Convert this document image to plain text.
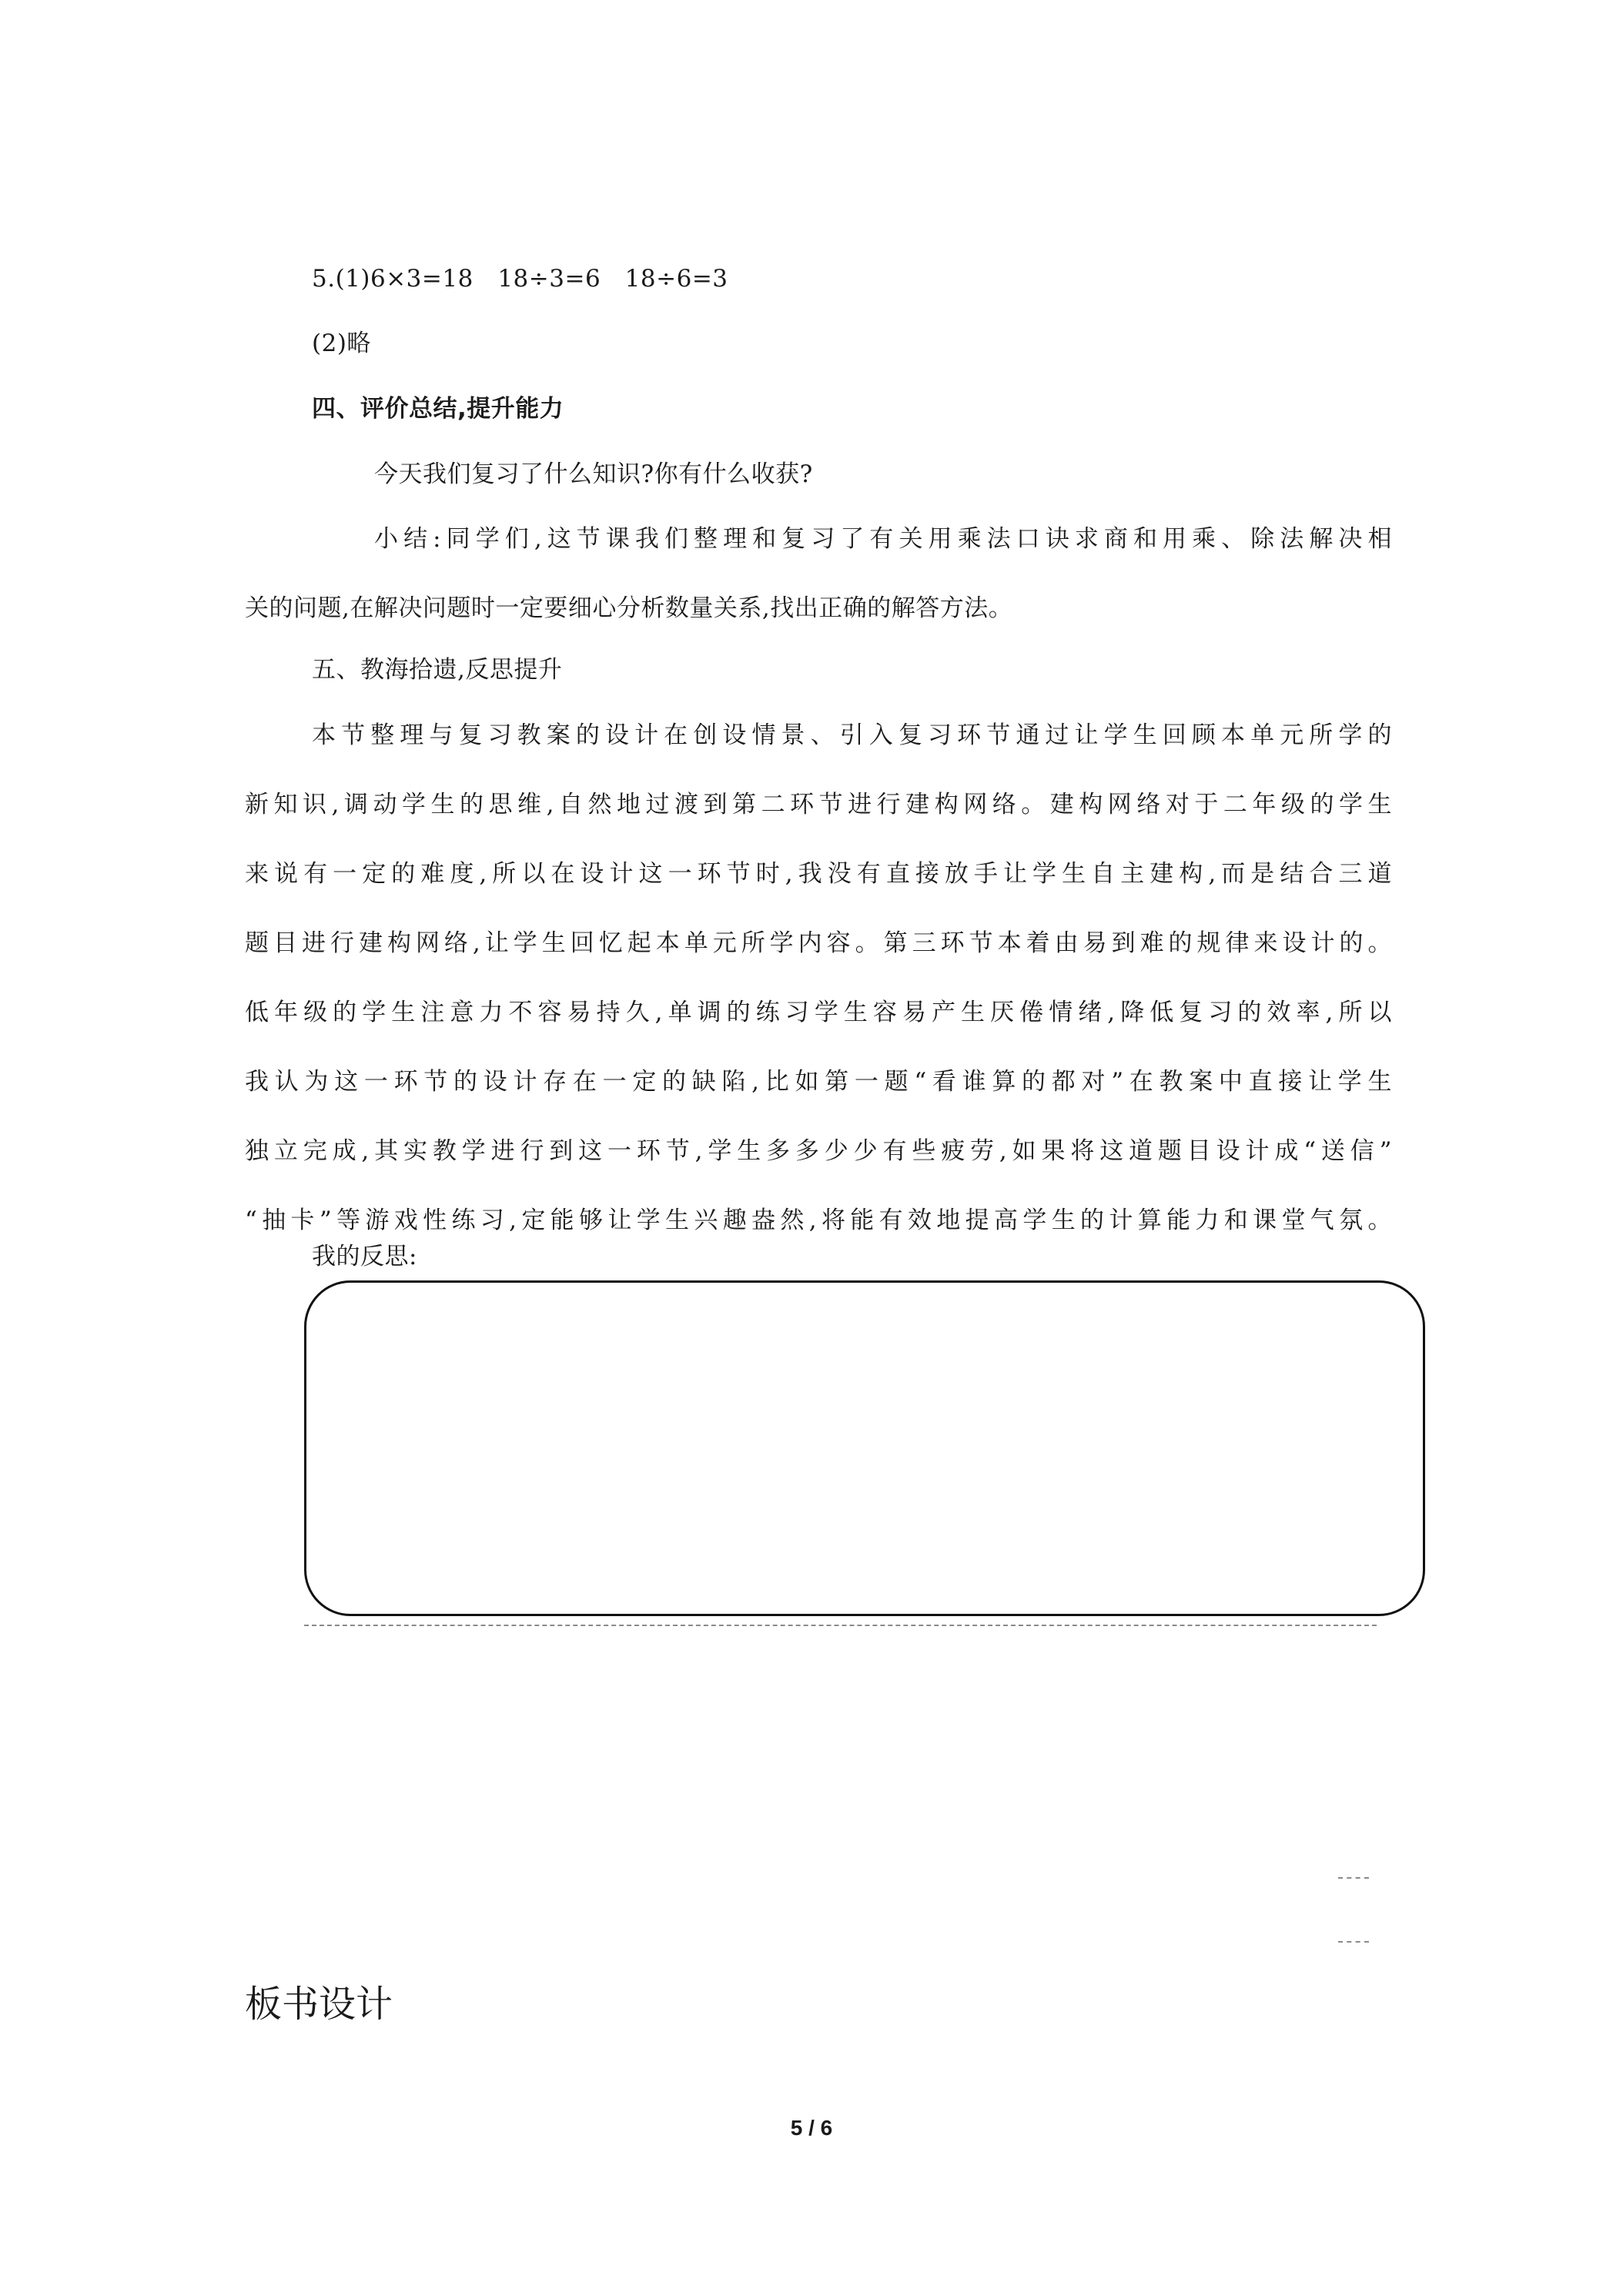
5.(1)6×3=18　18÷3=6　18÷6=3
(2)略
四、评价总结,提升能力
今天我们复习了什么知识?你有什么收获?
小结:同学们,这节课我们整理和复习了有关用乘法口诀求商和用乘、除法解决相
关的问题,在解决问题时一定要细心分析数量关系,找出正确的解答方法。
五、教海拾遗,反思提升
本节整理与复习教案的设计在创设情景、引入复习环节通过让学生回顾本单元所学的
新知识,调动学生的思维,自然地过渡到第二环节进行建构网络。建构网络对于二年级的学生
来说有一定的难度,所以在设计这一环节时,我没有直接放手让学生自主建构,而是结合三道
题目进行建构网络,让学生回忆起本单元所学内容。第三环节本着由易到难的规律来设计的。
低年级的学生注意力不容易持久,单调的练习学生容易产生厌倦情绪,降低复习的效率,所以
我认为这一环节的设计存在一定的缺陷,比如第一题“看谁算的都对”在教案中直接让学生
独立完成,其实教学进行到这一环节,学生多多少少有些疲劳,如果将这道题目设计成“送信”
“抽卡”等游戏性练习,定能够让学生兴趣盎然,将能有效地提高学生的计算能力和课堂气氛。
我的反思:
板书设计
5 / 6
